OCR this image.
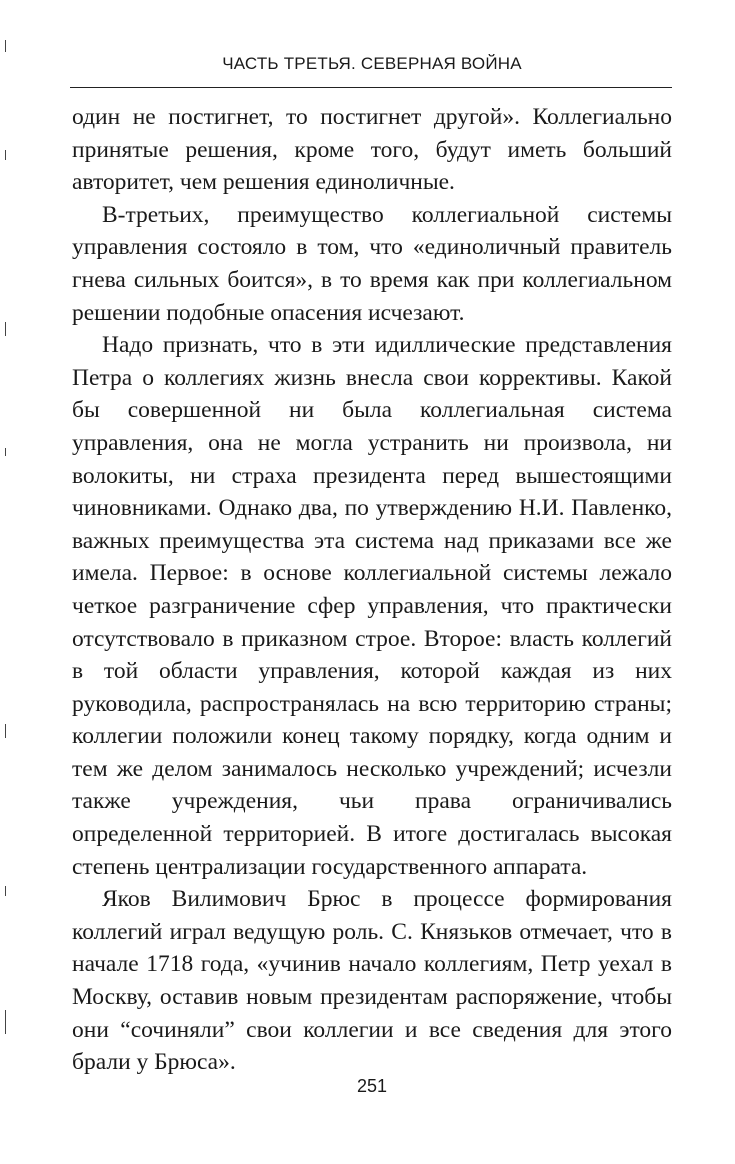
ЧАСТЬ ТРЕТЬЯ. СЕВЕРНАЯ ВОЙНА

один не постигнет, то постигнет другой». Коллегиально принятые решения, кроме того, будут иметь больший авторитет, чем решения единоличные.

В-третьих, преимущество коллегиальной системы управления состояло в том, что «единоличный правитель гнева сильных боится», в то время как при коллегиальном решении подобные опасения исчезают.

Надо признать, что в эти идиллические представления Петра о коллегиях жизнь внесла свои коррективы. Какой бы совершенной ни была коллегиальная система управления, она не могла устранить ни произвола, ни волокиты, ни страха президента перед вышестоящими чиновниками. Однако два, по утверждению Н.И. Павленко, важных преимущества эта система над приказами все же имела. Первое: в основе коллегиальной системы лежало четкое разграничение сфер управления, что практически отсутствовало в приказном строе. Второе: власть коллегий в той области управления, которой каждая из них руководила, распространялась на всю территорию страны; коллегии положили конец такому порядку, когда одним и тем же делом занималось несколько учреждений; исчезли также учреждения, чьи права ограничивались определенной территорией. В итоге достигалась высокая степень централизации государственного аппарата.

Яков Вилимович Брюс в процессе формирования коллегий играл ведущую роль. С. Князьков отмечает, что в начале 1718 года, «учинив начало коллегиям, Петр уехал в Москву, оставив новым президентам распоряжение, чтобы они “сочиняли” свои коллегии и все сведения для этого брали у Брюса».

251
